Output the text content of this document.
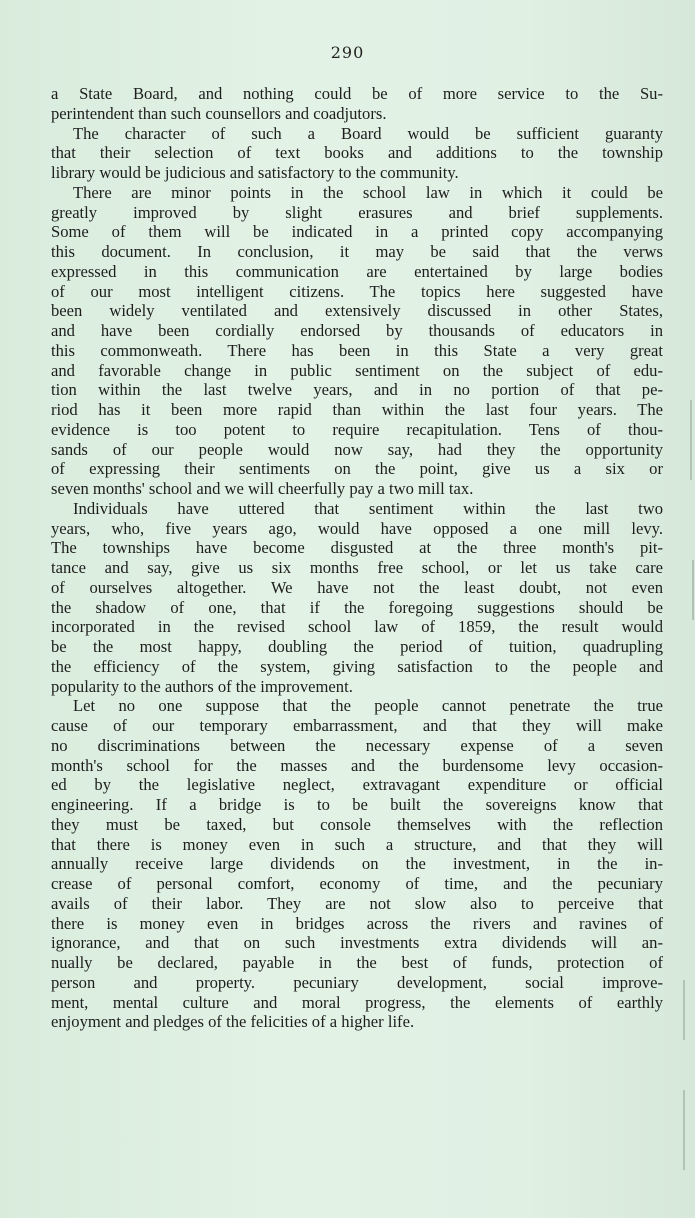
290
a State Board, and nothing could be of more service to the Su-
perintendent than such counsellors and coadjutors.
The character of such a Board would be sufficient guaranty
that their selection of text books and additions to the township
library would be judicious and satisfactory to the community.
There are minor points in the school law in which it could be
greatly improved by slight erasures and brief supplements.
Some of them will be indicated in a printed copy accompanying
this document. In conclusion, it may be said that the verws
expressed in this communication are entertained by large bodies
of our most intelligent citizens. The topics here suggested have
been widely ventilated and extensively discussed in other States,
and have been cordially endorsed by thousands of educators in
this commonweath. There has been in this State a very great
and favorable change in public sentiment on the subject of edu-
tion within the last twelve years, and in no portion of that pe-
riod has it been more rapid than within the last four years. The
evidence is too potent to require recapitulation. Tens of thou-
sands of our people would now say, had they the opportunity
of expressing their sentiments on the point, give us a six or
seven months' school and we will cheerfully pay a two mill tax.
Individuals have uttered that sentiment within the last two
years, who, five years ago, would have opposed a one mill levy.
The townships have become disgusted at the three month's pit-
tance and say, give us six months free school, or let us take care
of ourselves altogether. We have not the least doubt, not even
the shadow of one, that if the foregoing suggestions should be
incorporated in the revised school law of 1859, the result would
be the most happy, doubling the period of tuition, quadrupling
the efficiency of the system, giving satisfaction to the people and
popularity to the authors of the improvement.
Let no one suppose that the people cannot penetrate the true
cause of our temporary embarrassment, and that they will make
no discriminations between the necessary expense of a seven
month's school for the masses and the burdensome levy occasion-
ed by the legislative neglect, extravagant expenditure or official
engineering. If a bridge is to be built the sovereigns know that
they must be taxed, but console themselves with the reflection
that there is money even in such a structure, and that they will
annually receive large dividends on the investment, in the in-
crease of personal comfort, economy of time, and the pecuniary
avails of their labor. They are not slow also to perceive that
there is money even in bridges across the rivers and ravines of
ignorance, and that on such investments extra dividends will an-
nually be declared, payable in the best of funds, protection of
person and property. pecuniary development, social improve-
ment, mental culture and moral progress, the elements of earthly
enjoyment and pledges of the felicities of a higher life.
